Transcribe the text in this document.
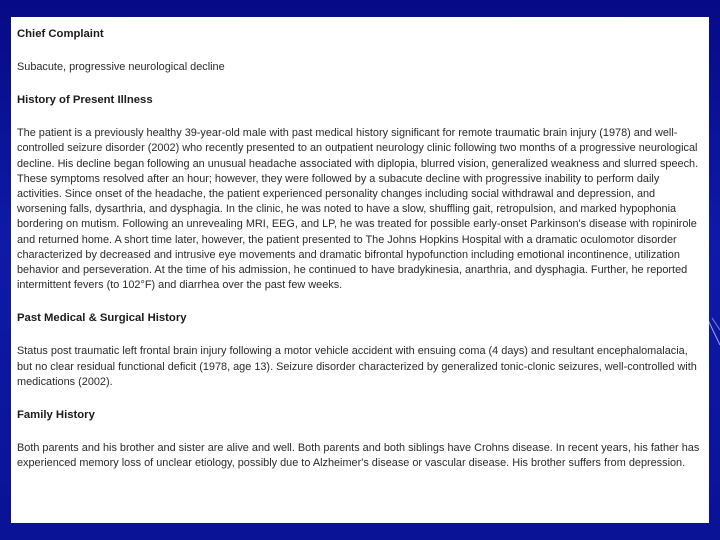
Chief Complaint

Subacute, progressive neurological decline

History of Present Illness

The patient is a previously healthy 39-year-old male with past medical history significant for remote traumatic brain injury (1978) and well-controlled seizure disorder (2002) who recently presented to an outpatient neurology clinic following two months of a progressive neurological decline. His decline began following an unusual headache associated with diplopia, blurred vision, generalized weakness and slurred speech. These symptoms resolved after an hour; however, they were followed by a subacute decline with progressive inability to perform daily activities. Since onset of the headache, the patient experienced personality changes including social withdrawal and depression, and worsening falls, dysarthria, and dysphagia. In the clinic, he was noted to have a slow, shuffling gait, retropulsion, and marked hypophonia bordering on mutism. Following an unrevealing MRI, EEG, and LP, he was treated for possible early-onset Parkinson's disease with ropinirole and returned home. A short time later, however, the patient presented to The Johns Hopkins Hospital with a dramatic oculomotor disorder characterized by decreased and intrusive eye movements and dramatic bifrontal hypofunction including emotional incontinence, utilization behavior and perseveration. At the time of his admission, he continued to have bradykinesia, anarthria, and dysphagia. Further, he reported intermittent fevers (to 102°F) and diarrhea over the past few weeks.

Past Medical & Surgical History

Status post traumatic left frontal brain injury following a motor vehicle accident with ensuing coma (4 days) and resultant encephalomalacia, but no clear residual functional deficit (1978, age 13). Seizure disorder characterized by generalized tonic-clonic seizures, well-controlled with medications (2002).

Family History

Both parents and his brother and sister are alive and well. Both parents and both siblings have Crohns disease. In recent years, his father has experienced memory loss of unclear etiology, possibly due to Alzheimer's disease or vascular disease. His brother suffers from depression.
